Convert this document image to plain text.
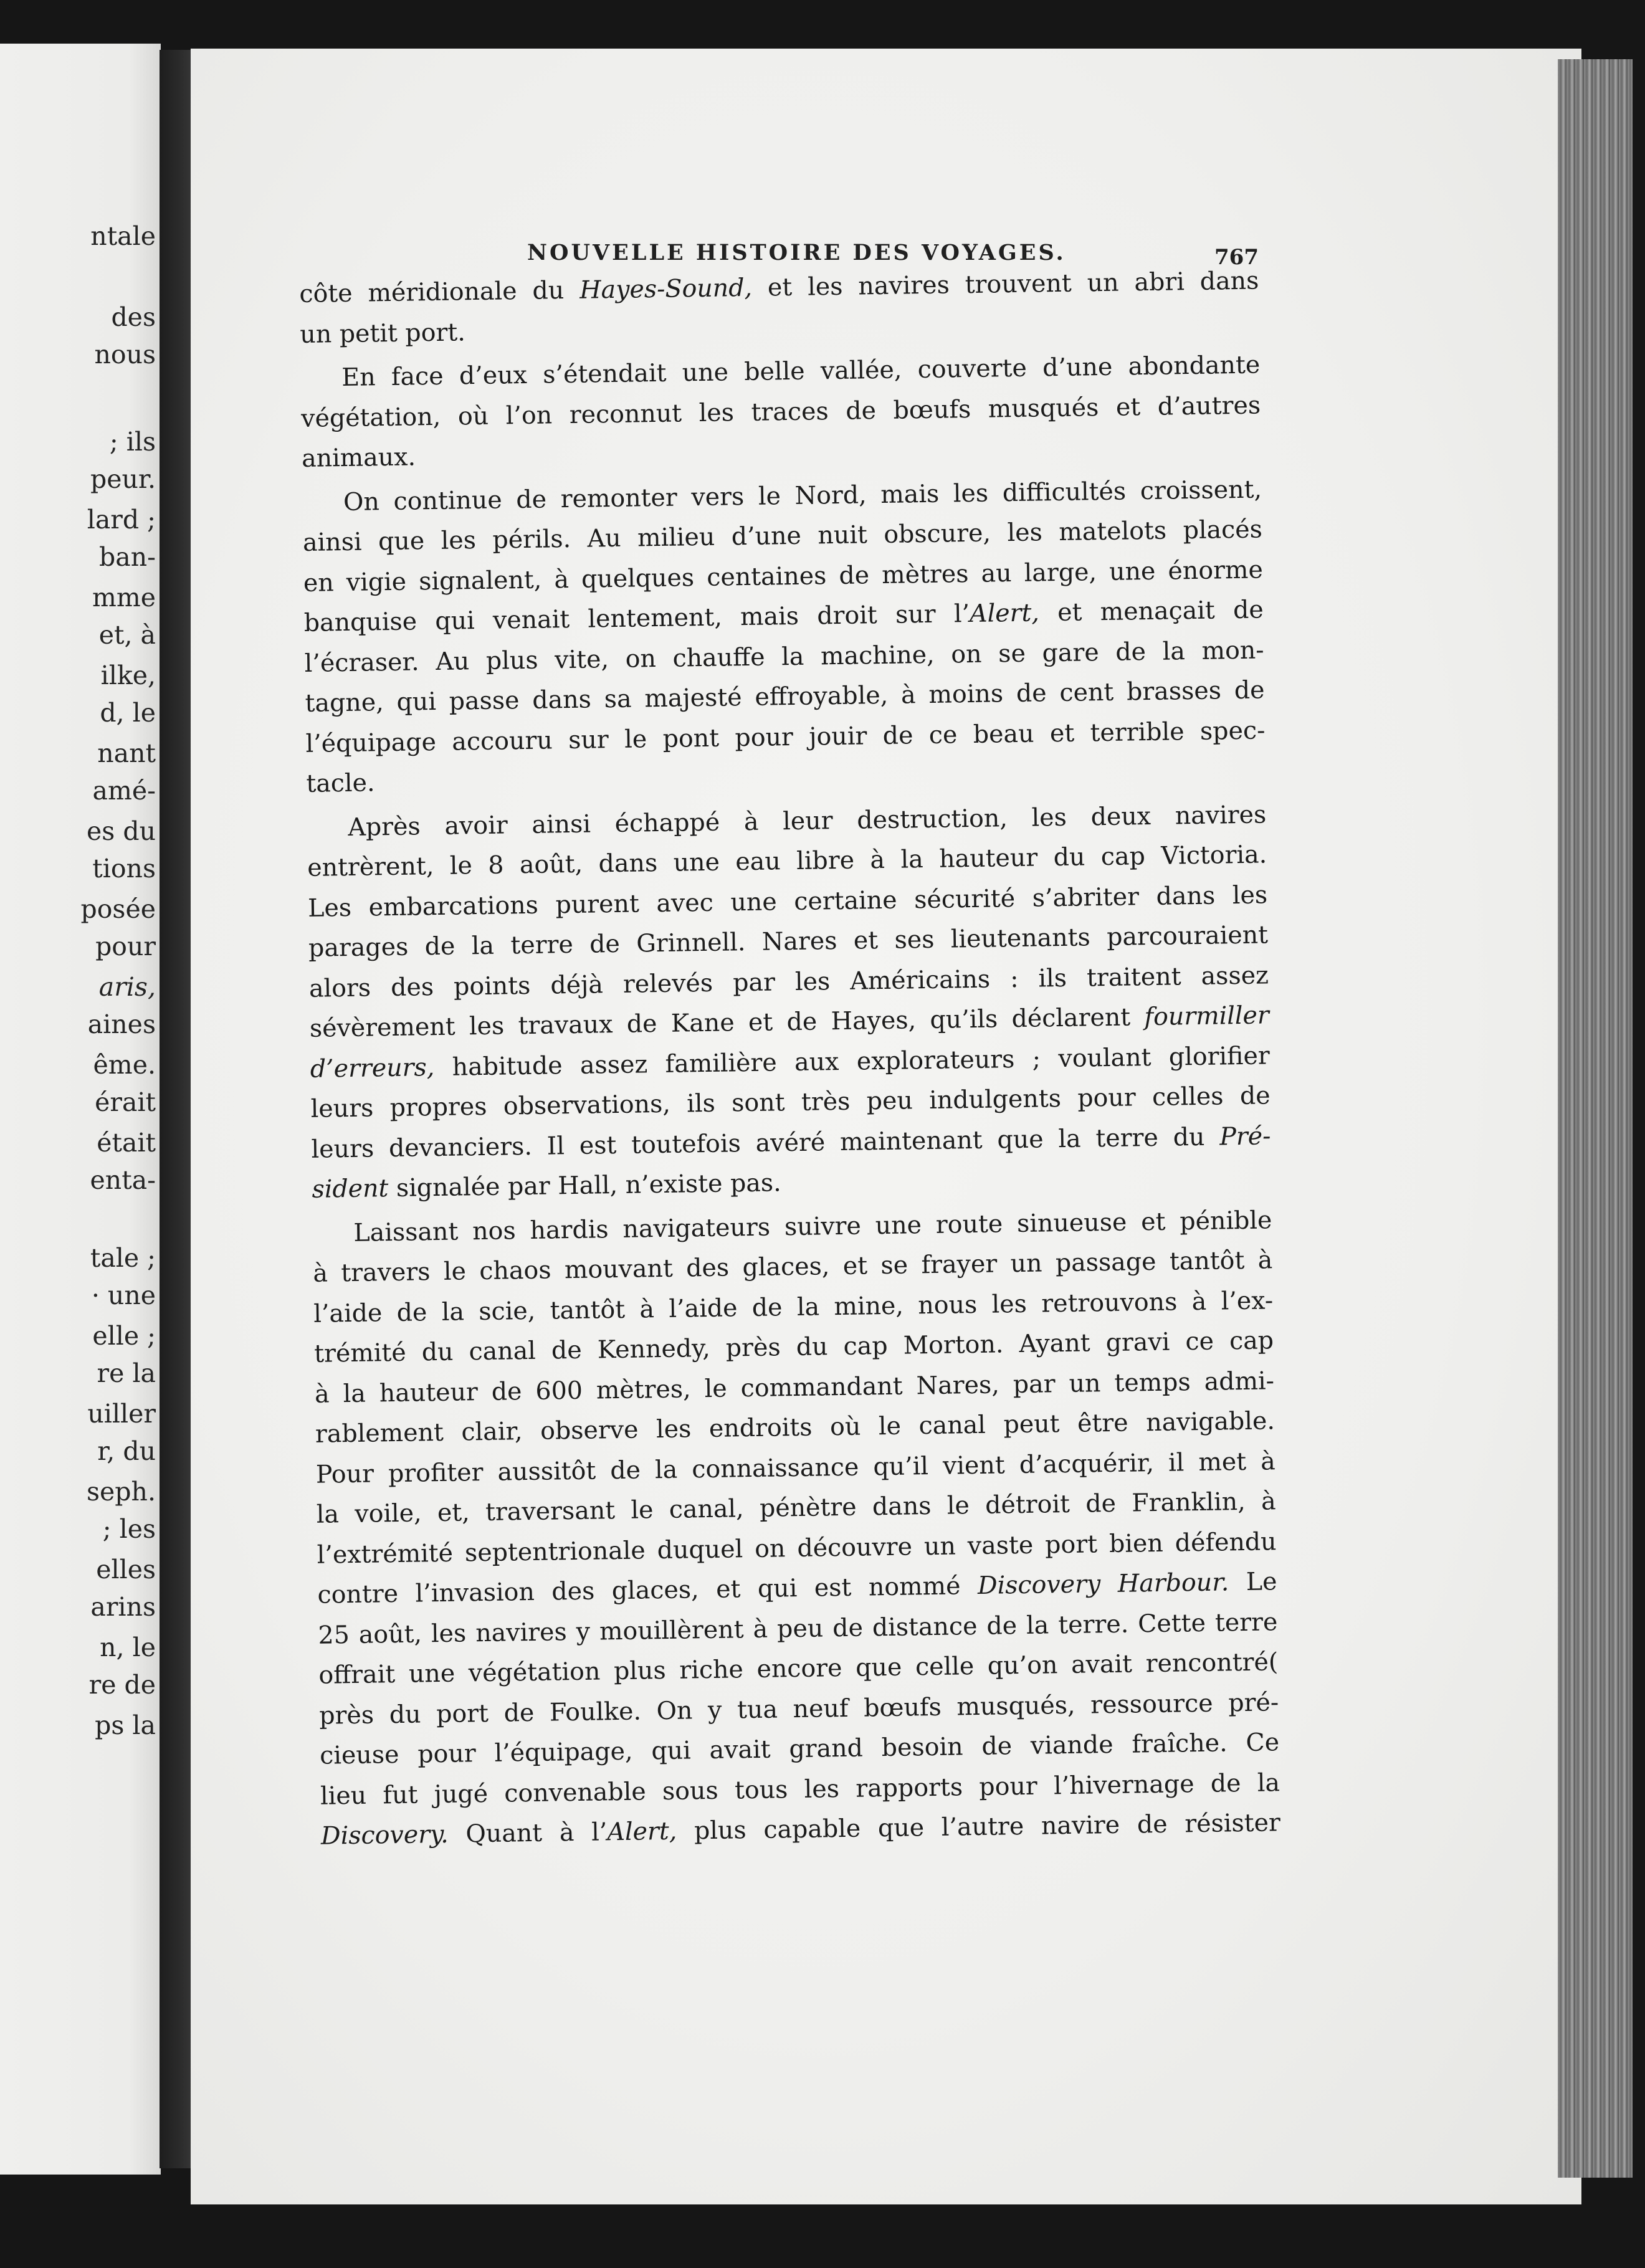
ntale
des
nous
; ils
peur.
lard ;
ban-
mme
et, à
ilke,
d, le
nant
amé-
es du
tions
posée
pour
aris,
aines
ême.
érait
était
enta-
tale ;
· une
elle ;
re la
uiller
r, du
seph.
; les
elles
arins
n, le
re de
ps la
NOUVELLE HISTOIRE DES VOYAGES.	767

côte méridionale du Hayes-Sound, et les navires trouvent un abri dans
un petit port.

En face d’eux s’étendait une belle vallée, couverte d’une abondante
végétation, où l’on reconnut les traces de bœufs musqués et d’autres
animaux.

On continue de remonter vers le Nord, mais les difficultés croissent,
ainsi que les périls. Au milieu d’une nuit obscure, les matelots placés
en vigie signalent, à quelques centaines de mètres au large, une énorme
banquise qui venait lentement, mais droit sur l’Alert, et menaçait de
l’écraser. Au plus vite, on chauffe la machine, on se gare de la mon-
tagne, qui passe dans sa majesté effroyable, à moins de cent brasses de
l’équipage accouru sur le pont pour jouir de ce beau et terrible spec-
tacle.

Après avoir ainsi échappé à leur destruction, les deux navires
entrèrent, le 8 août, dans une eau libre à la hauteur du cap Victoria.
Les embarcations purent avec une certaine sécurité s’abriter dans les
parages de la terre de Grinnell. Nares et ses lieutenants parcouraient
alors des points déjà relevés par les Américains : ils traitent assez
sévèrement les travaux de Kane et de Hayes, qu’ils déclarent fourmiller
d’erreurs, habitude assez familière aux explorateurs ; voulant glorifier
leurs propres observations, ils sont très peu indulgents pour celles de
leurs devanciers. Il est toutefois avéré maintenant que la terre du Pré-
sident signalée par Hall, n’existe pas.

Laissant nos hardis navigateurs suivre une route sinueuse et pénible
à travers le chaos mouvant des glaces, et se frayer un passage tantôt à
l’aide de la scie, tantôt à l’aide de la mine, nous les retrouvons à l’ex-
trémité du canal de Kennedy, près du cap Morton. Ayant gravi ce cap
à la hauteur de 600 mètres, le commandant Nares, par un temps admi-
rablement clair, observe les endroits où le canal peut être navigable.
Pour profiter aussitôt de la connaissance qu’il vient d’acquérir, il met à
la voile, et, traversant le canal, pénètre dans le détroit de Franklin, à
l’extrémité septentrionale duquel on découvre un vaste port bien défendu
contre l’invasion des glaces, et qui est nommé Discovery Harbour. Le
25 août, les navires y mouillèrent à peu de distance de la terre. Cette terre
offrait une végétation plus riche encore que celle qu’on avait rencontré(
près du port de Foulke. On y tua neuf bœufs musqués, ressource pré-
cieuse pour l’équipage, qui avait grand besoin de viande fraîche. Ce
lieu fut jugé convenable sous tous les rapports pour l’hivernage de la
Discovery. Quant à l’Alert, plus capable que l’autre navire de résister
